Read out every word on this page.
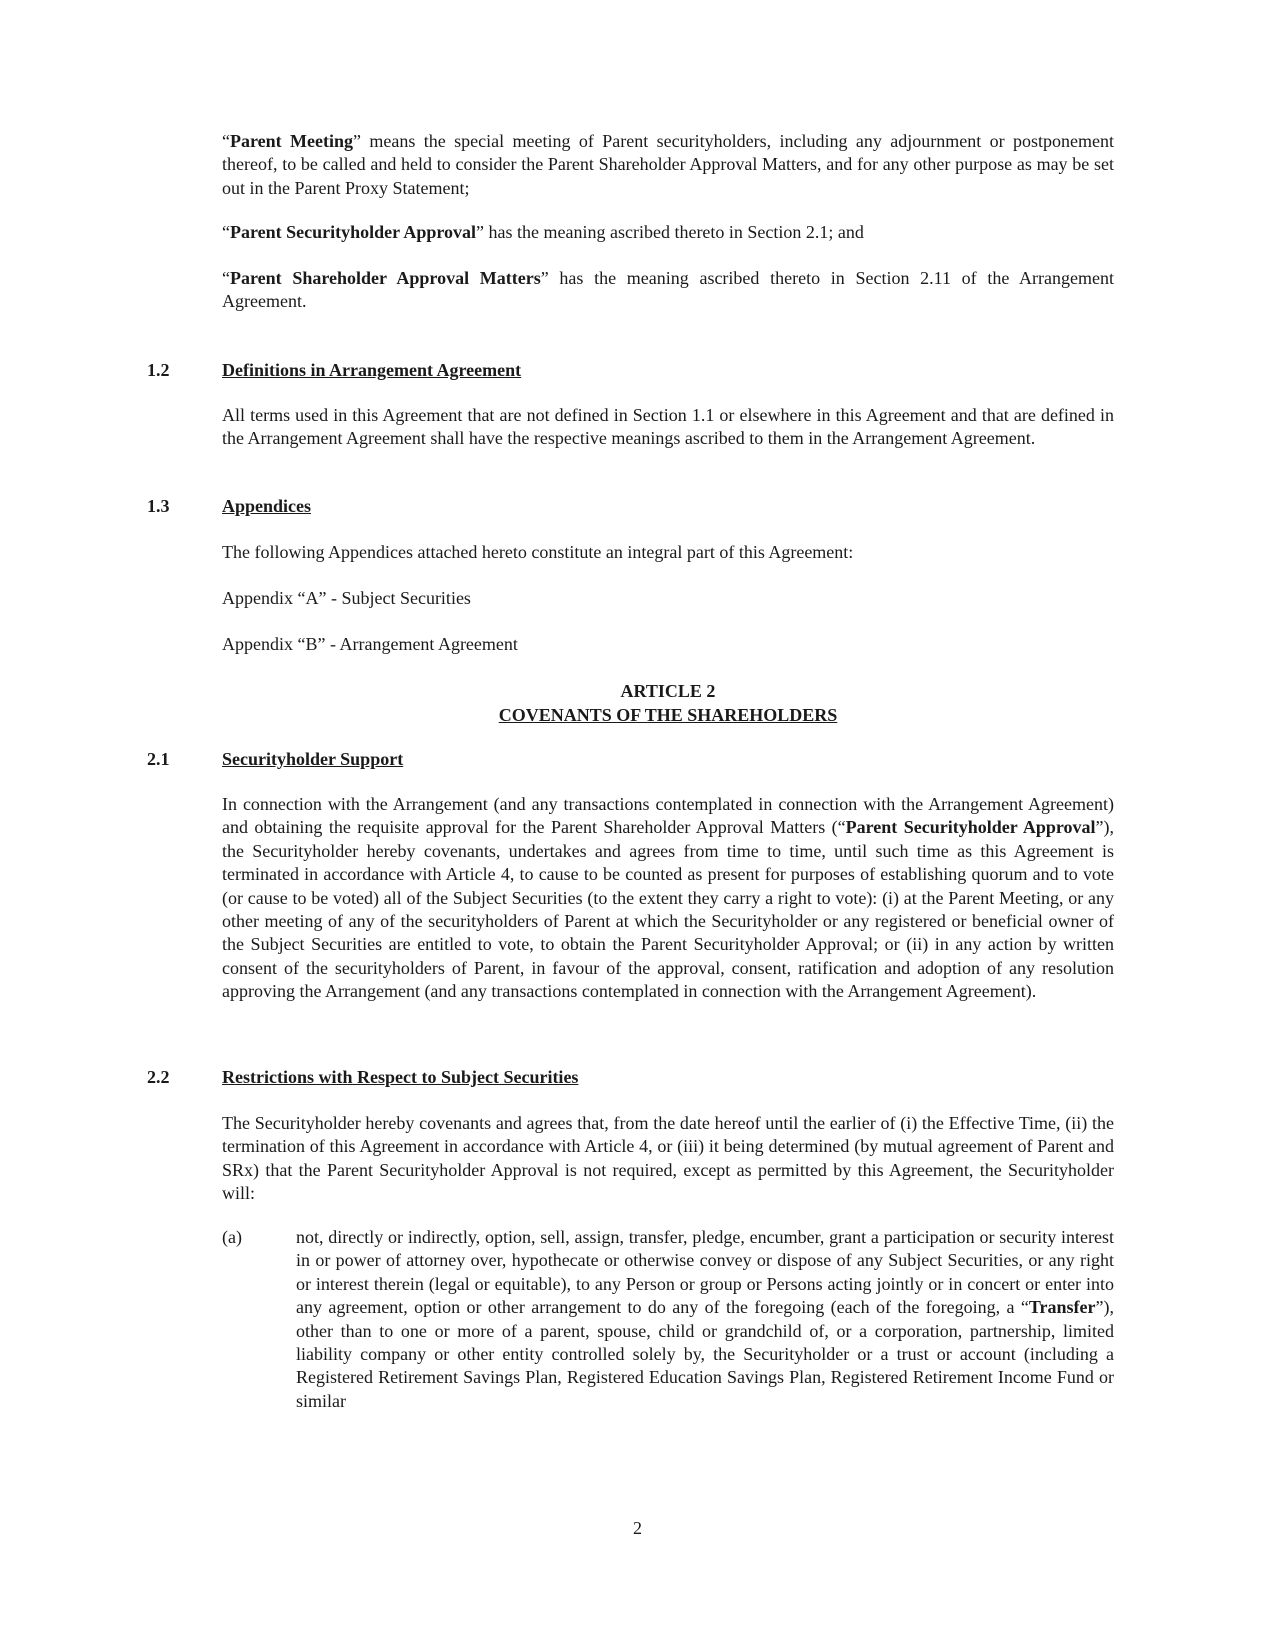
“Parent Meeting” means the special meeting of Parent securityholders, including any adjournment or postponement thereof, to be called and held to consider the Parent Shareholder Approval Matters, and for any other purpose as may be set out in the Parent Proxy Statement;

“Parent Securityholder Approval” has the meaning ascribed thereto in Section 2.1; and

“Parent Shareholder Approval Matters” has the meaning ascribed thereto in Section 2.11 of the Arrangement Agreement.

1.2	Definitions in Arrangement Agreement

All terms used in this Agreement that are not defined in Section 1.1 or elsewhere in this Agreement and that are defined in the Arrangement Agreement shall have the respective meanings ascribed to them in the Arrangement Agreement.

1.3	Appendices

The following Appendices attached hereto constitute an integral part of this Agreement:

Appendix “A” - Subject Securities

Appendix “B” - Arrangement Agreement

ARTICLE 2
COVENANTS OF THE SHAREHOLDERS

2.1	Securityholder Support

In connection with the Arrangement (and any transactions contemplated in connection with the Arrangement Agreement) and obtaining the requisite approval for the Parent Shareholder Approval Matters (“Parent Securityholder Approval”), the Securityholder hereby covenants, undertakes and agrees from time to time, until such time as this Agreement is terminated in accordance with Article 4, to cause to be counted as present for purposes of establishing quorum and to vote (or cause to be voted) all of the Subject Securities (to the extent they carry a right to vote): (i) at the Parent Meeting, or any other meeting of any of the securityholders of Parent at which the Securityholder or any registered or beneficial owner of the Subject Securities are entitled to vote, to obtain the Parent Securityholder Approval; or (ii) in any action by written consent of the securityholders of Parent, in favour of the approval, consent, ratification and adoption of any resolution approving the Arrangement (and any transactions contemplated in connection with the Arrangement Agreement).

2.2	Restrictions with Respect to Subject Securities

The Securityholder hereby covenants and agrees that, from the date hereof until the earlier of (i) the Effective Time, (ii) the termination of this Agreement in accordance with Article 4, or (iii) it being determined (by mutual agreement of Parent and SRx) that the Parent Securityholder Approval is not required, except as permitted by this Agreement, the Securityholder will:

(a)	not, directly or indirectly, option, sell, assign, transfer, pledge, encumber, grant a participation or security interest in or power of attorney over, hypothecate or otherwise convey or dispose of any Subject Securities, or any right or interest therein (legal or equitable), to any Person or group or Persons acting jointly or in concert or enter into any agreement, option or other arrangement to do any of the foregoing (each of the foregoing, a “Transfer”), other than to one or more of a parent, spouse, child or grandchild of, or a corporation, partnership, limited liability company or other entity controlled solely by, the Securityholder or a trust or account (including a Registered Retirement Savings Plan, Registered Education Savings Plan, Registered Retirement Income Fund or similar

2
